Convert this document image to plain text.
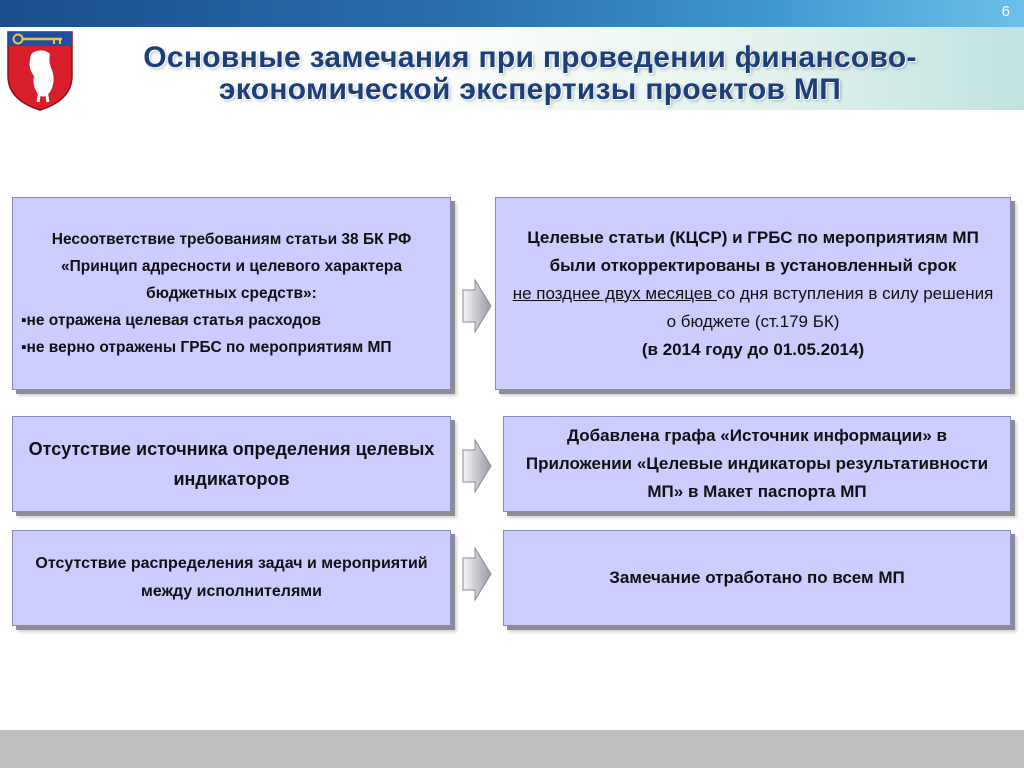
6
Основные замечания при проведении финансово-
экономической экспертизы проектов МП
Несоответствие требованиям статьи 38 БК РФ «Принцип адресности и целевого характера бюджетных средств»:
▪не отражена целевая статья расходов
▪не верно отражены ГРБС по мероприятиям МП
Целевые статьи (КЦСР) и ГРБС по мероприятиям МП были откорректированы в установленный срок
не позднее двух месяцев со дня вступления в силу решения о бюджете (ст.179 БК)
(в 2014 году до 01.05.2014)
Отсутствие источника определения целевых индикаторов
Добавлена графа «Источник информации» в Приложении «Целевые индикаторы результативности МП» в Макет паспорта МП
Отсутствие распределения задач и мероприятий между исполнителями
Замечание отработано по всем МП
